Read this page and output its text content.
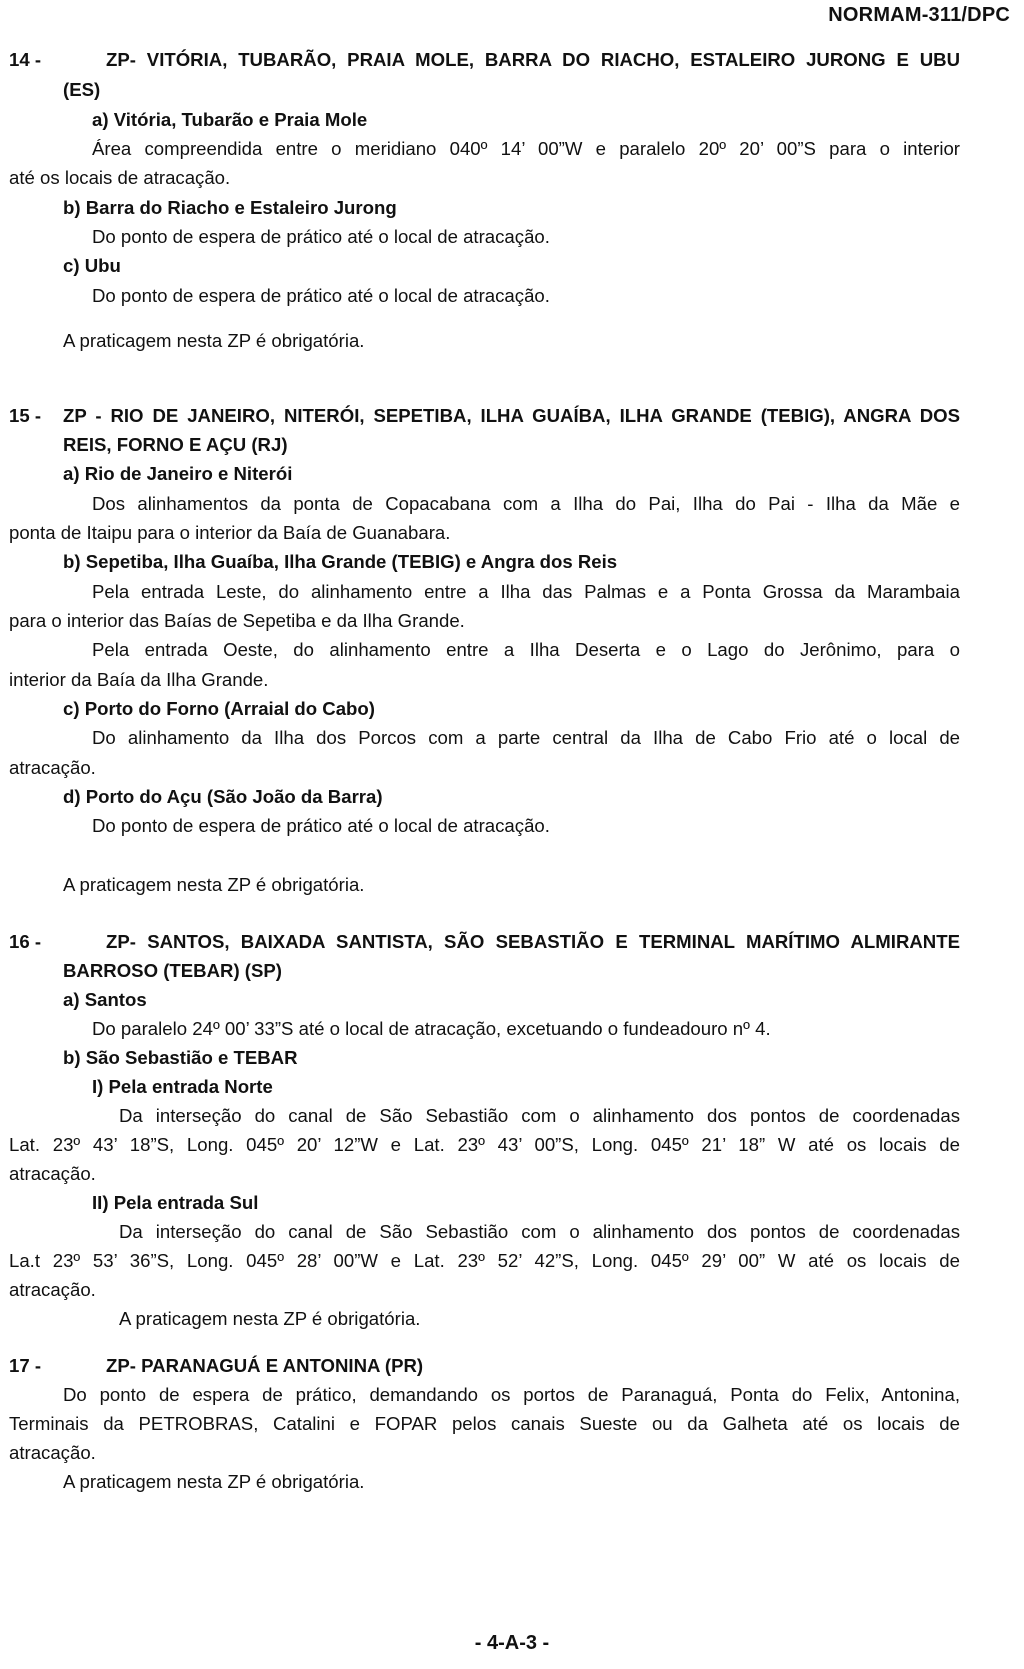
NORMAM-311/DPC
14 -	ZP- VITÓRIA, TUBARÃO, PRAIA MOLE, BARRA DO RIACHO, ESTALEIRO JURONG E UBU
(ES)
a) Vitória, Tubarão e Praia Mole
Área compreendida entre o meridiano 040º 14’ 00”W e paralelo 20º 20’ 00”S para o interior
até os locais de atracação.
b) Barra do Riacho e Estaleiro Jurong
Do ponto de espera de prático até o local de atracação.
c) Ubu
Do ponto de espera de prático até o local de atracação.
A praticagem nesta ZP é obrigatória.
15 - ZP - RIO DE JANEIRO, NITERÓI, SEPETIBA, ILHA GUAÍBA, ILHA GRANDE (TEBIG), ANGRA DOS
REIS, FORNO E AÇU (RJ)
a) Rio de Janeiro e Niterói
Dos alinhamentos da ponta de Copacabana com a Ilha do Pai, Ilha do Pai - Ilha da Mãe e
ponta de Itaipu para o interior da Baía de Guanabara.
b) Sepetiba, Ilha Guaíba, Ilha Grande (TEBIG) e Angra dos Reis
Pela entrada Leste, do alinhamento entre a Ilha das Palmas e a Ponta Grossa da Marambaia
para o interior das Baías de Sepetiba e da Ilha Grande.
Pela entrada Oeste, do alinhamento entre a Ilha Deserta e o Lago do Jerônimo, para o
interior da Baía da Ilha Grande.
c) Porto do Forno (Arraial do Cabo)
Do alinhamento da Ilha dos Porcos com a parte central da Ilha de Cabo Frio até o local de
atracação.
d) Porto do Açu (São João da Barra)
Do ponto de espera de prático até o local de atracação.
A praticagem nesta ZP é obrigatória.
16 -	ZP- SANTOS, BAIXADA SANTISTA, SÃO SEBASTIÃO E TERMINAL MARÍTIMO ALMIRANTE
BARROSO (TEBAR) (SP)
a) Santos
Do paralelo 24º 00’ 33”S até o local de atracação, excetuando o fundeadouro nº 4.
b) São Sebastião e TEBAR
I) Pela entrada Norte
Da interseção do canal de São Sebastião com o alinhamento dos pontos de coordenadas
Lat. 23º 43’ 18”S, Long. 045º 20’ 12”W e Lat. 23º 43’ 00”S, Long. 045º 21’ 18” W até os locais de
atracação.
II) Pela entrada Sul
Da interseção do canal de São Sebastião com o alinhamento dos pontos de coordenadas
La.t 23º 53’ 36”S, Long. 045º 28’ 00”W e Lat. 23º 52’ 42”S, Long. 045º 29’ 00” W até os locais de
atracação.
A praticagem nesta ZP é obrigatória.
17 -	ZP- PARANAGUÁ E ANTONINA (PR)
Do ponto de espera de prático, demandando os portos de Paranaguá, Ponta do Felix, Antonina,
Terminais da PETROBRAS, Catalini e FOPAR pelos canais Sueste ou da Galheta até os locais de
atracação.
A praticagem nesta ZP é obrigatória.
- 4-A-3 -
